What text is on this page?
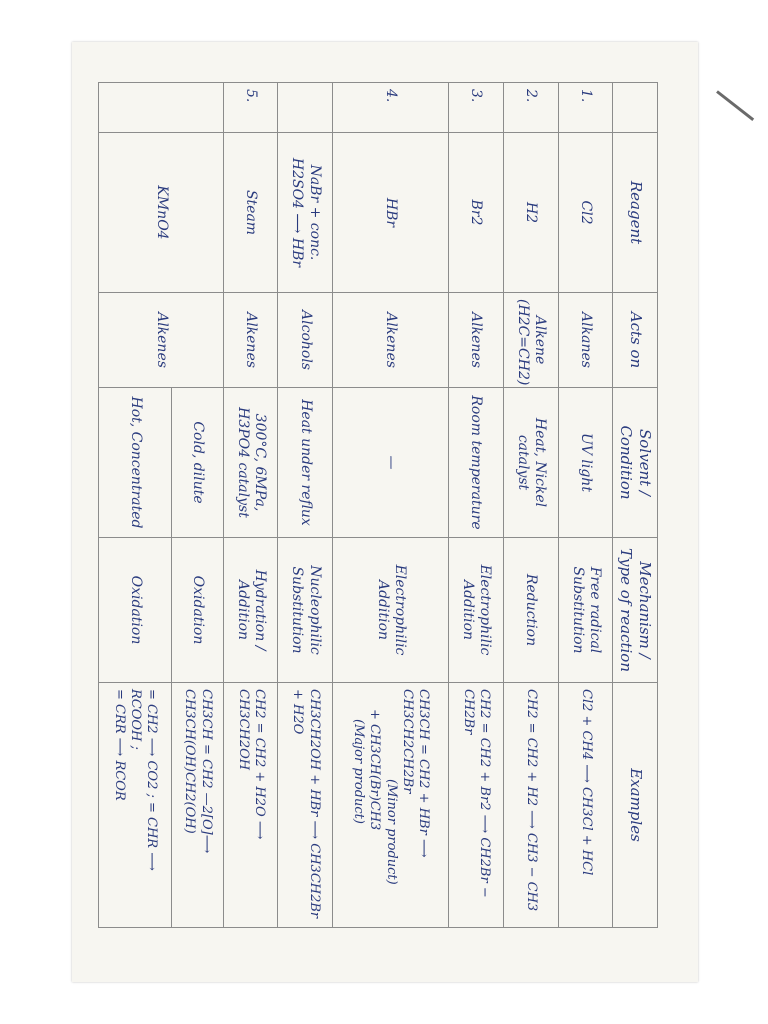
	Reagent	Acts on	Solvent / Condition	Mechanism / Type of reaction	Examples
1.	Cl2	Alkanes	UV light	Free radical Substitution	Cl2 + CH4 ⟶ CH3Cl + HCl

2.	H2	Alkene (H2C=CH2)	Heat, Nickel catalyst	Reduction	CH2 = CH2 + H2 ⟶ CH3 − CH3

3.	Br2	Alkenes	Room temperature	Electrophilic Addition	CH2 = CH2 + Br2 ⟶ CH2Br − CH2Br

4.	HBr	Alkenes	—	Electrophilic Addition	CH3CH = CH2 + HBr ⟶ CH3CH2CH2Br
(Minor product)
+ CH3CH(Br)CH3
(Major product)

	NaBr + conc. H2SO4 ⟶ HBr	Alcohols	Heat under reflux	Nucleophilic Substitution	CH3CH2OH + HBr ⟶ CH3CH2Br + H2O

5.	Steam	Alkenes	300°C, 6MPa, H3PO4 catalyst	Hydration / Addition	CH2 = CH2 + H2O ⟶ CH3CH2OH

	KMnO4	Alkenes	Cold, dilute	Oxidation	CH3CH = CH2 —2[O]⟶ CH3CH(OH)CH2(OH)

			Hot, Concentrated	Oxidation	= CH2 ⟶ CO2 ; = CHR ⟶ RCOOH ;
= CRR ⟶ RCOR
